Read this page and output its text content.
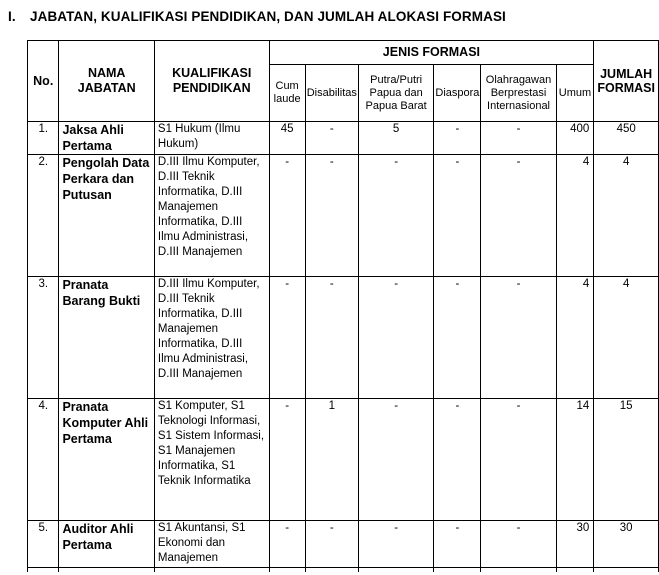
I. JABATAN, KUALIFIKASI PENDIDIKAN, DAN JUMLAH ALOKASI FORMASI
No.	NAMA JABATAN	KUALIFIKASI PENDIDIKAN	JENIS FORMASI						JUMLAH FORMASI
			Cum laude	Disabilitas	Putra/Putri Papua dan Papua Barat	Diaspora	Olahragawan Berprestasi Internasional	Umum	
1.	Jaksa Ahli Pertama	S1 Hukum (Ilmu Hukum)	45	-	5	-	-	400	450
2.	Pengolah Data Perkara dan Putusan	D.III Ilmu Komputer, D.III Teknik Informatika, D.III Manajemen Informatika, D.III Ilmu Administrasi, D.III Manajemen	-	-	-	-	-	4	4
3.	Pranata Barang Bukti	D.III Ilmu Komputer, D.III Teknik Informatika, D.III Manajemen Informatika, D.III Ilmu Administrasi, D.III Manajemen	-	-	-	-	-	4	4
4.	Pranata Komputer Ahli Pertama	S1 Komputer, S1 Teknologi Informasi, S1 Sistem Informasi, S1 Manajemen Informatika, S1 Teknik Informatika	-	1	-	-	-	14	15
5.	Auditor Ahli Pertama	S1 Akuntansi, S1 Ekonomi dan Manajemen	-	-	-	-	-	30	30
